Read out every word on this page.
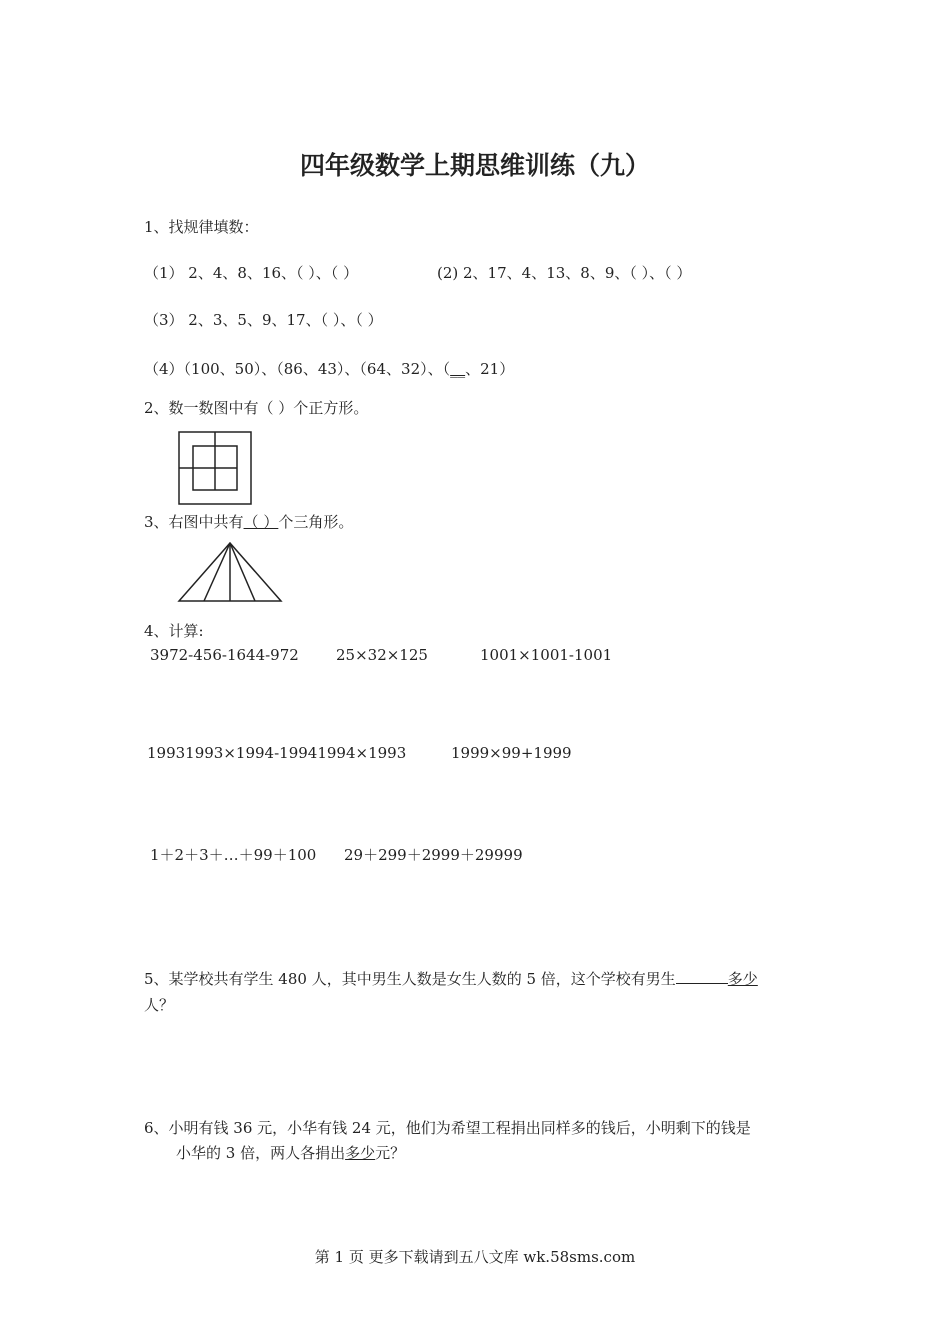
四年级数学上期思维训练（九）
1、找规律填数：
（1） 2、4、8、16、（ ）、（ ）	(2) 2、17、4、13、8、9、（ ）、（ ）
（3） 2、3、5、9、17、（ ）、（ ）
（4）（100、50）、（86、43）、（64、32）、（__、21）
2、数一数图中有（ ）个正方形。
3、右图中共有（ ）个三角形。
4、计算:
3972-456-1644-972 25×32×125	1001×1001-1001
19931993×1994-19941994×1993	1999×99+1999
1＋2＋3＋…＋99＋100 29＋299＋2999＋29999
5、某学校共有学生 480 人，其中男生人数是女生人数的 5 倍，这个学校有男生	多少
人？
6、小明有钱 36 元，小华有钱 24 元，他们为希望工程捐出同样多的钱后，小明剩下的钱是
小华的 3 倍，两人各捐出多少元？
第 1 页 更多下载请到五八文库 wk.58sms.com
